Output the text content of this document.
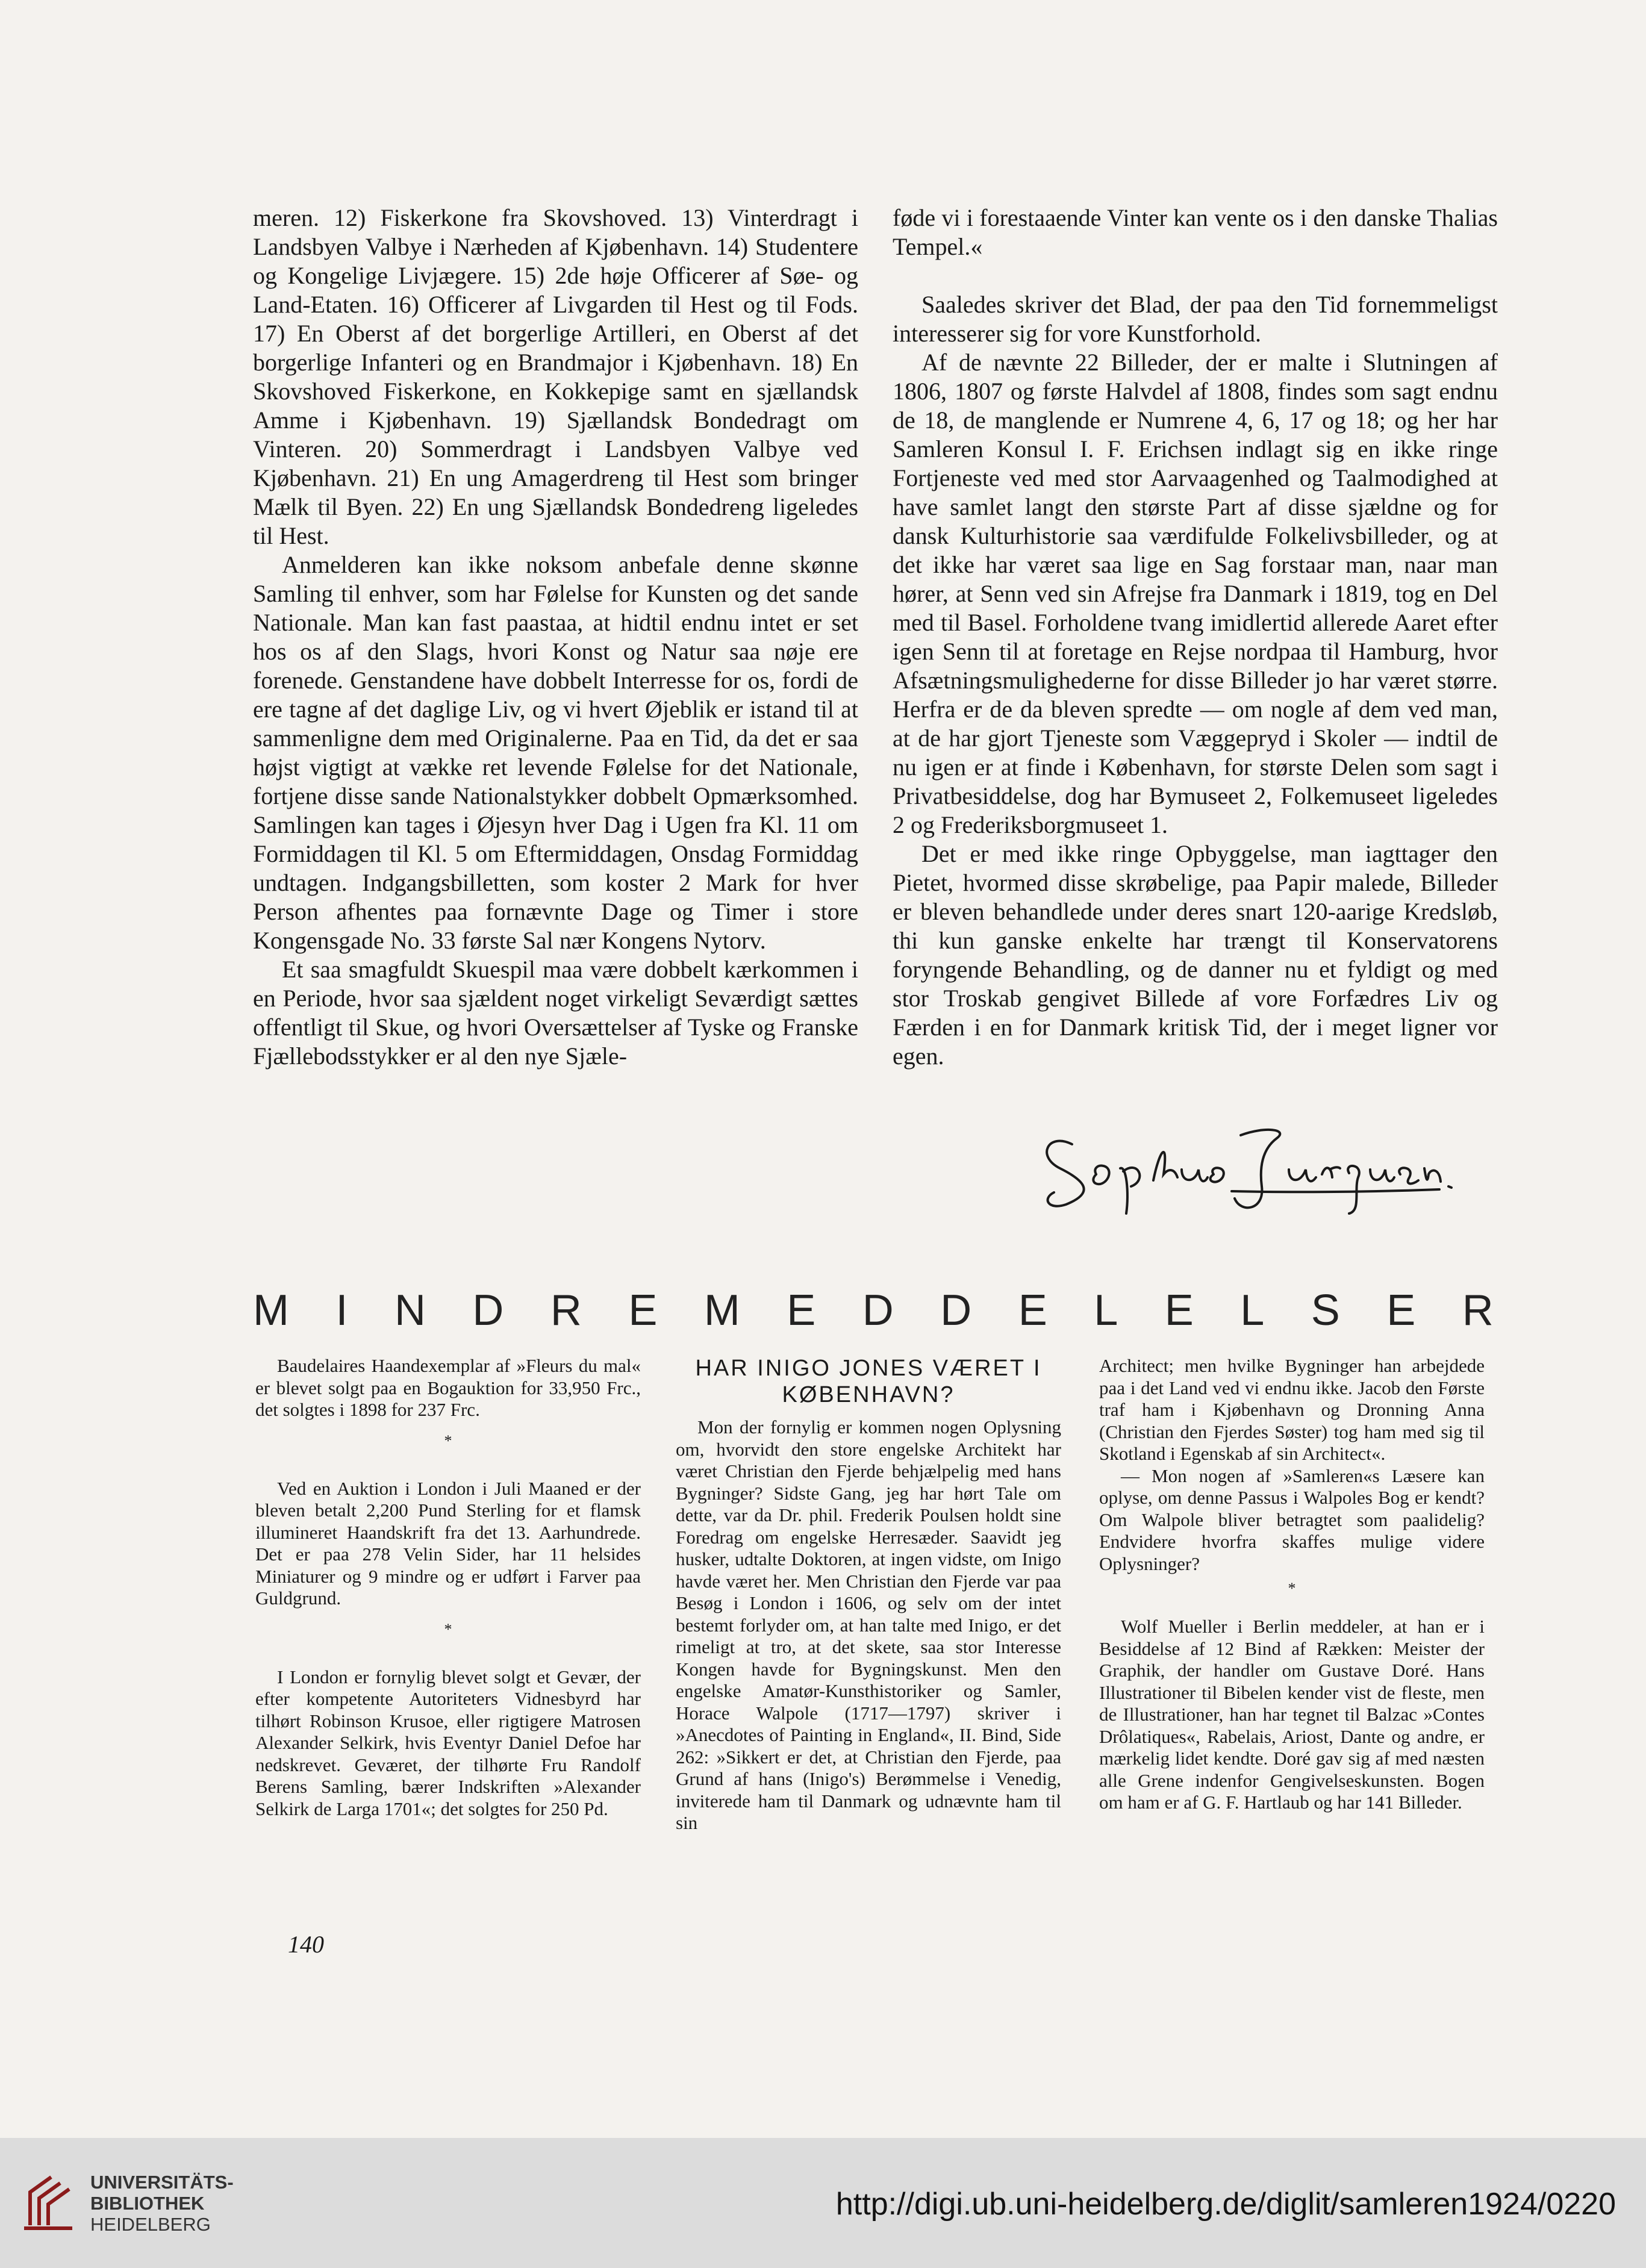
meren. 12) Fiskerkone fra Skovshoved. 13) Vinterdragt i Landsbyen Valbye i Nærheden af Kjøbenhavn. 14) Studentere og Kongelige Livjægere. 15) 2de høje Officerer af Søe- og Land-Etaten. 16) Officerer af Livgarden til Hest og til Fods. 17) En Oberst af det borgerlige Artilleri, en Oberst af det borgerlige Infanteri og en Brandmajor i Kjøbenhavn. 18) En Skovshoved Fiskerkone, en Kokkepige samt en sjællandsk Amme i Kjøbenhavn. 19) Sjællandsk Bondedragt om Vinteren. 20) Sommerdragt i Landsbyen Valbye ved Kjøbenhavn. 21) En ung Amagerdreng til Hest som bringer Mælk til Byen. 22) En ung Sjællandsk Bondedreng ligeledes til Hest.

Anmelderen kan ikke noksom anbefale denne skønne Samling til enhver, som har Følelse for Kunsten og det sande Nationale. Man kan fast paastaa, at hidtil endnu intet er set hos os af den Slags, hvori Konst og Natur saa nøje ere forenede. Genstandene have dobbelt Interresse for os, fordi de ere tagne af det daglige Liv, og vi hvert Øjeblik er istand til at sammenligne dem med Originalerne. Paa en Tid, da det er saa højst vigtigt at vække ret levende Følelse for det Nationale, fortjene disse sande Nationalstykker dobbelt Opmærksomhed. Samlingen kan tages i Øjesyn hver Dag i Ugen fra Kl. 11 om Formiddagen til Kl. 5 om Eftermiddagen, Onsdag Formiddag undtagen. Indgangsbilletten, som koster 2 Mark for hver Person afhentes paa fornævnte Dage og Timer i store Kongensgade No. 33 første Sal nær Kongens Nytorv.

Et saa smagfuldt Skuespil maa være dobbelt kærkommen i en Periode, hvor saa sjældent noget virkeligt Seværdigt sættes offentligt til Skue, og hvori Oversættelser af Tyske og Franske Fjællebodsstykker er al den nye Sjæle-

føde vi i forestaaende Vinter kan vente os i den danske Thalias Tempel.«

Saaledes skriver det Blad, der paa den Tid fornemmeligst interesserer sig for vore Kunstforhold.

Af de nævnte 22 Billeder, der er malte i Slutningen af 1806, 1807 og første Halvdel af 1808, findes som sagt endnu de 18, de manglende er Numrene 4, 6, 17 og 18; og her har Samleren Konsul I. F. Erichsen indlagt sig en ikke ringe Fortjeneste ved med stor Aarvaagenhed og Taalmodighed at have samlet langt den største Part af disse sjældne og for dansk Kulturhistorie saa værdifulde Folkelivsbilleder, og at det ikke har været saa lige en Sag forstaar man, naar man hører, at Senn ved sin Afrejse fra Danmark i 1819, tog en Del med til Basel. Forholdene tvang imidlertid allerede Aaret efter igen Senn til at foretage en Rejse nordpaa til Hamburg, hvor Afsætningsmulighederne for disse Billeder jo har været større. Herfra er de da bleven spredte — om nogle af dem ved man, at de har gjort Tjeneste som Væggepryd i Skoler — indtil de nu igen er at finde i København, for største Delen som sagt i Privatbesiddelse, dog har Bymuseet 2, Folkemuseet ligeledes 2 og Frederiksborgmuseet 1.

Det er med ikke ringe Opbyggelse, man iagttager den Pietet, hvormed disse skrøbelige, paa Papir malede, Billeder er bleven behandlede under deres snart 120-aarige Kredsløb, thi kun ganske enkelte har trængt til Konservatorens foryngende Behandling, og de danner nu et fyldigt og med stor Troskab gengivet Billede af vore Forfædres Liv og Færden i en for Danmark kritisk Tid, der i meget ligner vor egen.

M I N D R E M E D D E L E L S E R

Baudelaires Haandexemplar af »Fleurs du mal« er blevet solgt paa en Bogauktion for 33,950 Frc., det solgtes i 1898 for 237 Frc.

*

Ved en Auktion i London i Juli Maaned er der bleven betalt 2,200 Pund Sterling for et flamsk illumineret Haandskrift fra det 13. Aarhundrede. Det er paa 278 Velin Sider, har 11 helsides Miniaturer og 9 mindre og er udført i Farver paa Guldgrund.

*

I London er fornylig blevet solgt et Gevær, der efter kompetente Autoriteters Vidnesbyrd har tilhørt Robinson Krusoe, eller rigtigere Matrosen Alexander Selkirk, hvis Eventyr Daniel Defoe har nedskrevet. Geværet, der tilhørte Fru Randolf Berens Samling, bærer Indskriften »Alexander Selkirk de Larga 1701«; det solgtes for 250 Pd.

HAR INIGO JONES VÆRET I KØBENHAVN?

Mon der fornylig er kommen nogen Oplysning om, hvorvidt den store engelske Architekt har været Christian den Fjerde behjælpelig med hans Bygninger? Sidste Gang, jeg har hørt Tale om dette, var da Dr. phil. Frederik Poulsen holdt sine Foredrag om engelske Herresæder. Saavidt jeg husker, udtalte Doktoren, at ingen vidste, om Inigo havde været her. Men Christian den Fjerde var paa Besøg i London i 1606, og selv om der intet bestemt forlyder om, at han talte med Inigo, er det rimeligt at tro, at det skete, saa stor Interesse Kongen havde for Bygningskunst. Men den engelske Amatør-Kunsthistoriker og Samler, Horace Walpole (1717—1797) skriver i »Anecdotes of Painting in England«, II. Bind, Side 262: »Sikkert er det, at Christian den Fjerde, paa Grund af hans (Inigo's) Berømmelse i Venedig, inviterede ham til Danmark og udnævnte ham til sin

Architect; men hvilke Bygninger han arbejdede paa i det Land ved vi endnu ikke. Jacob den Første traf ham i Kjøbenhavn og Dronning Anna (Christian den Fjerdes Søster) tog ham med sig til Skotland i Egenskab af sin Architect«.

— Mon nogen af »Samleren«s Læsere kan oplyse, om denne Passus i Walpoles Bog er kendt? Om Walpole bliver betragtet som paalidelig? Endvidere hvorfra skaffes mulige videre Oplysninger?

*

Wolf Mueller i Berlin meddeler, at han er i Besiddelse af 12 Bind af Rækken: Meister der Graphik, der handler om Gustave Doré. Hans Illustrationer til Bibelen kender vist de fleste, men de Illustrationer, han har tegnet til Balzac »Contes Drôlatiques«, Rabelais, Ariost, Dante og andre, er mærkelig lidet kendte. Doré gav sig af med næsten alle Grene indenfor Gengivelseskunsten. Bogen om ham er af G. F. Hartlaub og har 141 Billeder.

140
UNIVERSITÄTS-
BIBLIOTHEK
HEIDELBERG
http://digi.ub.uni-heidelberg.de/diglit/samleren1924/0220
